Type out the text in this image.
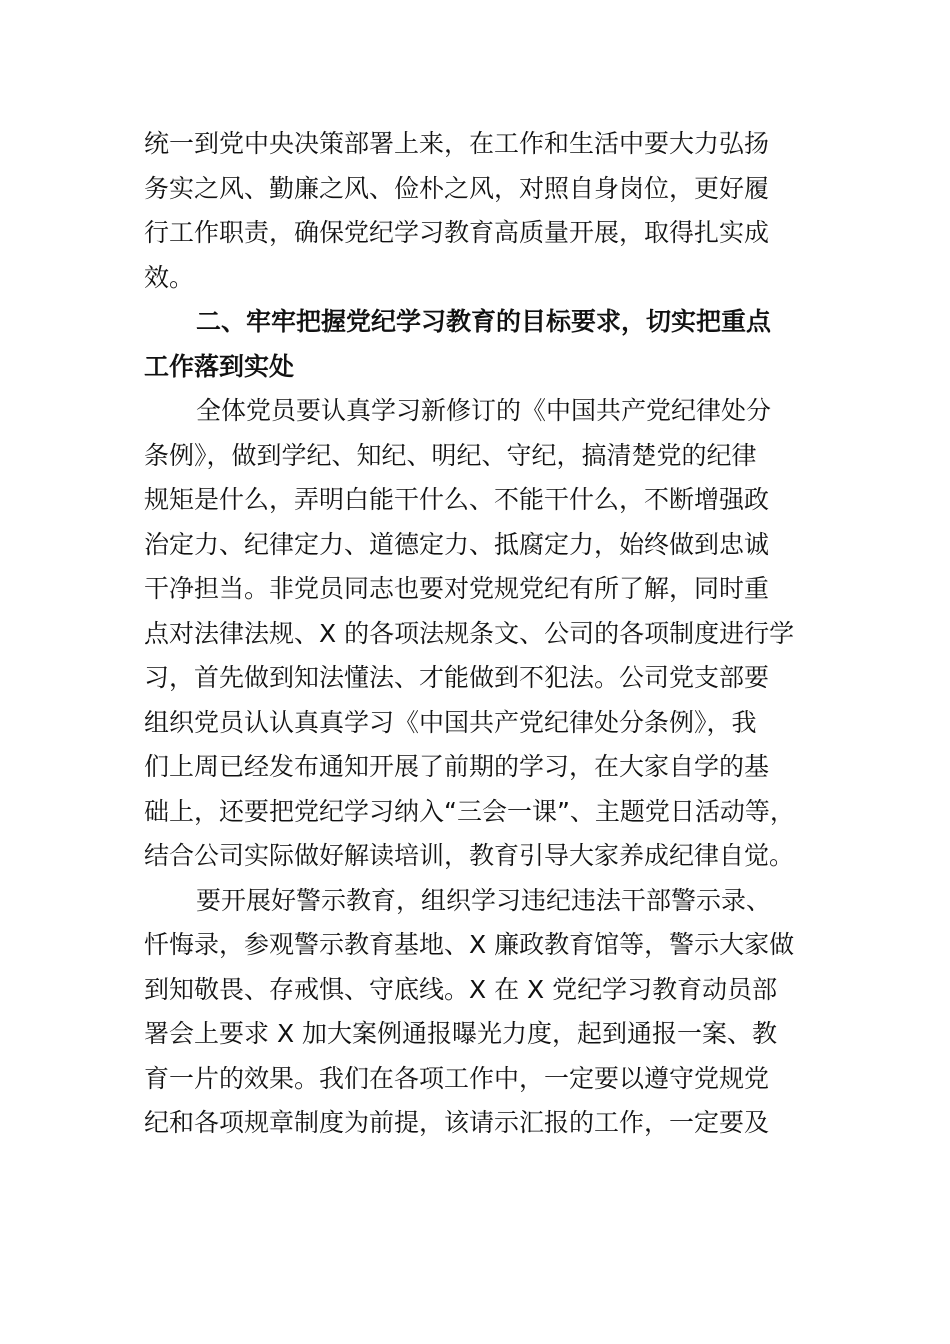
统一到党中央决策部署上来，在工作和生活中要大力弘扬
务实之风、勤廉之风、俭朴之风，对照自身岗位，更好履
行工作职责，确保党纪学习教育高质量开展，取得扎实成
效。
二、牢牢把握党纪学习教育的目标要求，切实把重点
工作落到实处
全体党员要认真学习新修订的《中国共产党纪律处分
条例》，做到学纪、知纪、明纪、守纪，搞清楚党的纪律
规矩是什么，弄明白能干什么、不能干什么，不断增强政
治定力、纪律定力、道德定力、抵腐定力，始终做到忠诚
干净担当。非党员同志也要对党规党纪有所了解，同时重
点对法律法规、X 的各项法规条文、公司的各项制度进行学
习，首先做到知法懂法、才能做到不犯法。公司党支部要
组织党员认认真真学习《中国共产党纪律处分条例》，我
们上周已经发布通知开展了前期的学习，在大家自学的基
础上，还要把党纪学习纳入“三会一课”、主题党日活动等，
结合公司实际做好解读培训，教育引导大家养成纪律自觉。
要开展好警示教育，组织学习违纪违法干部警示录、
忏悔录，参观警示教育基地、X 廉政教育馆等，警示大家做
到知敬畏、存戒惧、守底线。X 在 X 党纪学习教育动员部
署会上要求 X 加大案例通报曝光力度，起到通报一案、教
育一片的效果。我们在各项工作中，一定要以遵守党规党
纪和各项规章制度为前提，该请示汇报的工作，一定要及
